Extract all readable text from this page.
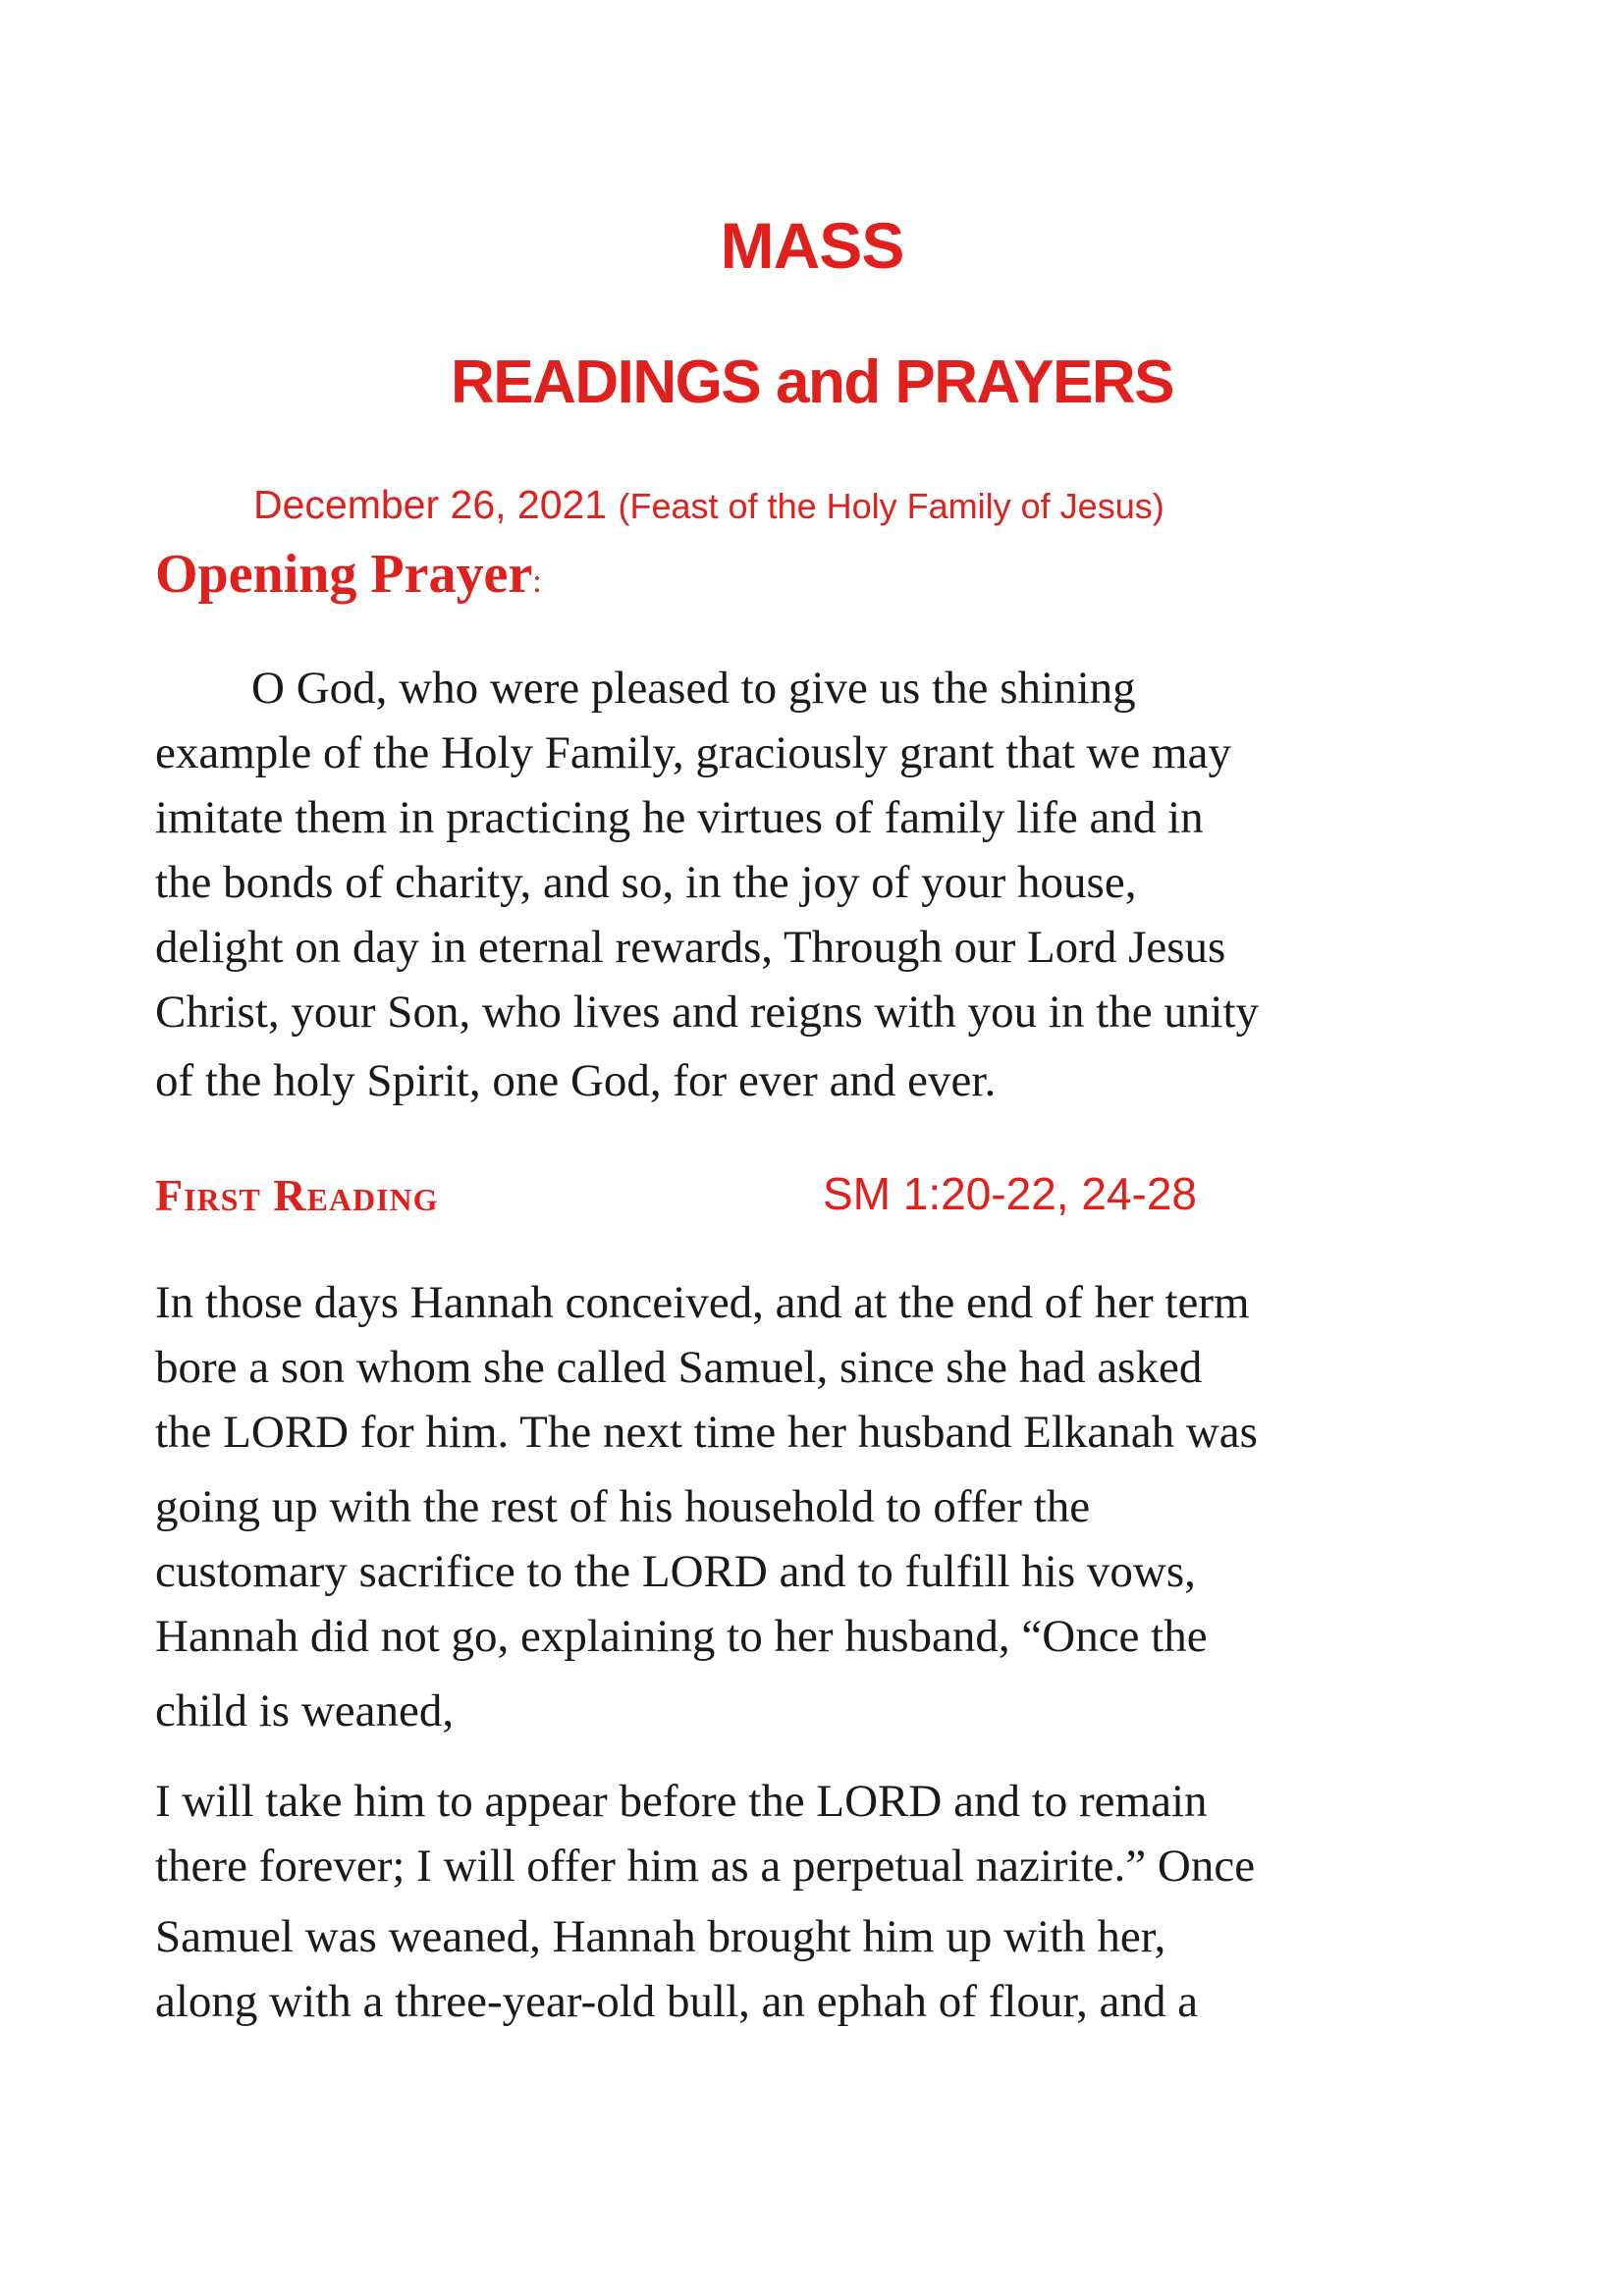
MASS
READINGS and PRAYERS
December 26, 2021 (Feast of the Holy Family of Jesus)
Opening Prayer:
O God, who were pleased to give us the shining
example of the Holy Family, graciously grant that we may
imitate them in practicing he virtues of family life and in
the bonds of charity, and so, in the joy of your house,
delight on day in eternal rewards, Through our Lord Jesus
Christ, your Son, who lives and reigns with you in the unity
of the holy Spirit, one God, for ever and ever.
First Reading	SM 1:20-22, 24-28
In those days Hannah conceived, and at the end of her term
bore a son whom she called Samuel, since she had asked
the LORD for him. The next time her husband Elkanah was
going up with the rest of his household to offer the
customary sacrifice to the LORD and to fulfill his vows,
Hannah did not go, explaining to her husband, “Once the
child is weaned,
I will take him to appear before the LORD and to remain
there forever; I will offer him as a perpetual nazirite.” Once
Samuel was weaned, Hannah brought him up with her,
along with a three-year-old bull, an ephah of flour, and a
